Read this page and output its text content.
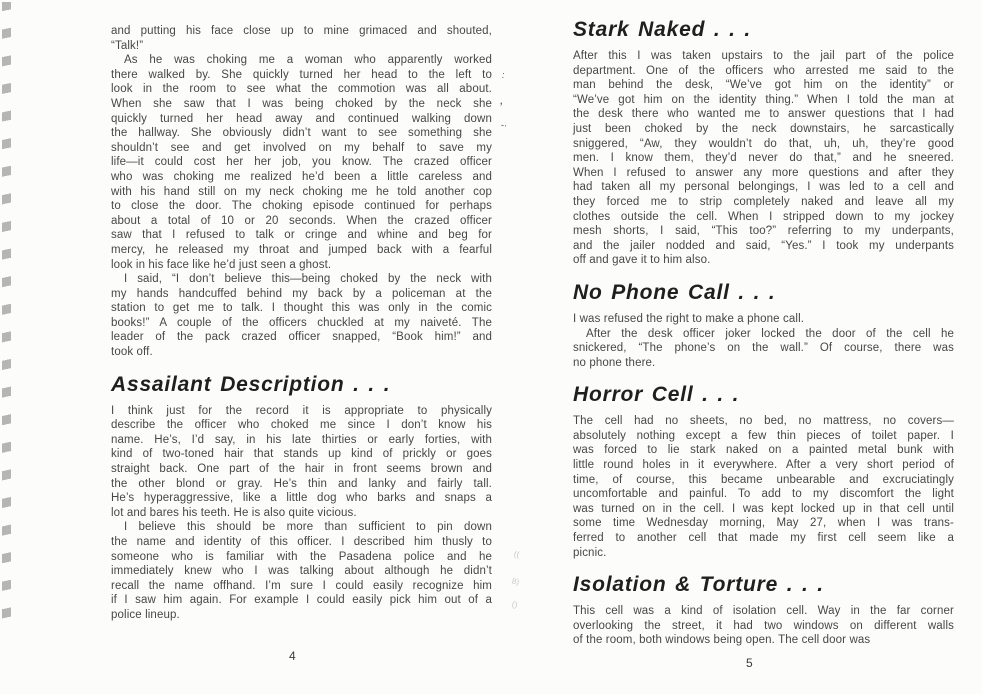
and putting his face close up to mine grimaced and shouted,
“Talk!”
As he was choking me a woman who apparently worked
there walked by. She quickly turned her head to the left to
look in the room to see what the commotion was all about.
When she saw that I was being choked by the neck she
quickly turned her head away and continued walking down
the hallway. She obviously didn’t want to see something she
shouldn’t see and get involved on my behalf to save my
life—it could cost her her job, you know. The crazed officer
who was choking me realized he’d been a little careless and
with his hand still on my neck choking me he told another cop
to close the door. The choking episode continued for perhaps
about a total of 10 or 20 seconds. When the crazed officer
saw that I refused to talk or cringe and whine and beg for
mercy, he released my throat and jumped back with a fearful
look in his face like he’d just seen a ghost.
I said, “I don’t believe this—being choked by the neck with
my hands handcuffed behind my back by a policeman at the
station to get me to talk. I thought this was only in the comic
books!” A couple of the officers chuckled at my naiveté. The
leader of the pack crazed officer snapped, “Book him!” and
took off.
Assailant Description . . .
I think just for the record it is appropriate to physically
describe the officer who choked me since I don’t know his
name. He’s, I’d say, in his late thirties or early forties, with
kind of two-toned hair that stands up kind of prickly or goes
straight back. One part of the hair in front seems brown and
the other blond or gray. He’s thin and lanky and fairly tall.
He’s hyperaggressive, like a little dog who barks and snaps a
lot and bares his teeth. He is also quite vicious.
I believe this should be more than sufficient to pin down
the name and identity of this officer. I described him thusly to
someone who is familiar with the Pasadena police and he
immediately knew who I was talking about although he didn’t
recall the name offhand. I’m sure I could easily recognize him
if I saw him again. For example I could easily pick him out of a
police lineup.
Stark Naked . . .
After this I was taken upstairs to the jail part of the police
department. One of the officers who arrested me said to the
man behind the desk, “We’ve got him on the identity” or
“We’ve got him on the identity thing.” When I told the man at
the desk there who wanted me to answer questions that I had
just been choked by the neck downstairs, he sarcastically
sniggered, “Aw, they wouldn’t do that, uh, uh, they’re good
men. I know them, they’d never do that,” and he sneered.
When I refused to answer any more questions and after they
had taken all my personal belongings, I was led to a cell and
they forced me to strip completely naked and leave all my
clothes outside the cell. When I stripped down to my jockey
mesh shorts, I said, “This too?” referring to my underpants,
and the jailer nodded and said, “Yes.” I took my underpants
off and gave it to him also.
No Phone Call . . .
I was refused the right to make a phone call.
After the desk officer joker locked the door of the cell he
snickered, “The phone’s on the wall.” Of course, there was
no phone there.
Horror Cell . . .
The cell had no sheets, no bed, no mattress, no covers—
absolutely nothing except a few thin pieces of toilet paper. I
was forced to lie stark naked on a painted metal bunk with
little round holes in it everywhere. After a very short period of
time, of course, this became unbearable and excruciatingly
uncomfortable and painful. To add to my discomfort the light
was turned on in the cell. I was kept locked up in that cell until
some time Wednesday morning, May 27, when I was trans-
ferred to another cell that made my first cell seem like a
picnic.
Isolation & Torture . . .
This cell was a kind of isolation cell. Way in the far corner
overlooking the street, it had two windows on different walls
of the room, both windows being open. The cell door was
4	5
:
,
-·
((
8)
()
